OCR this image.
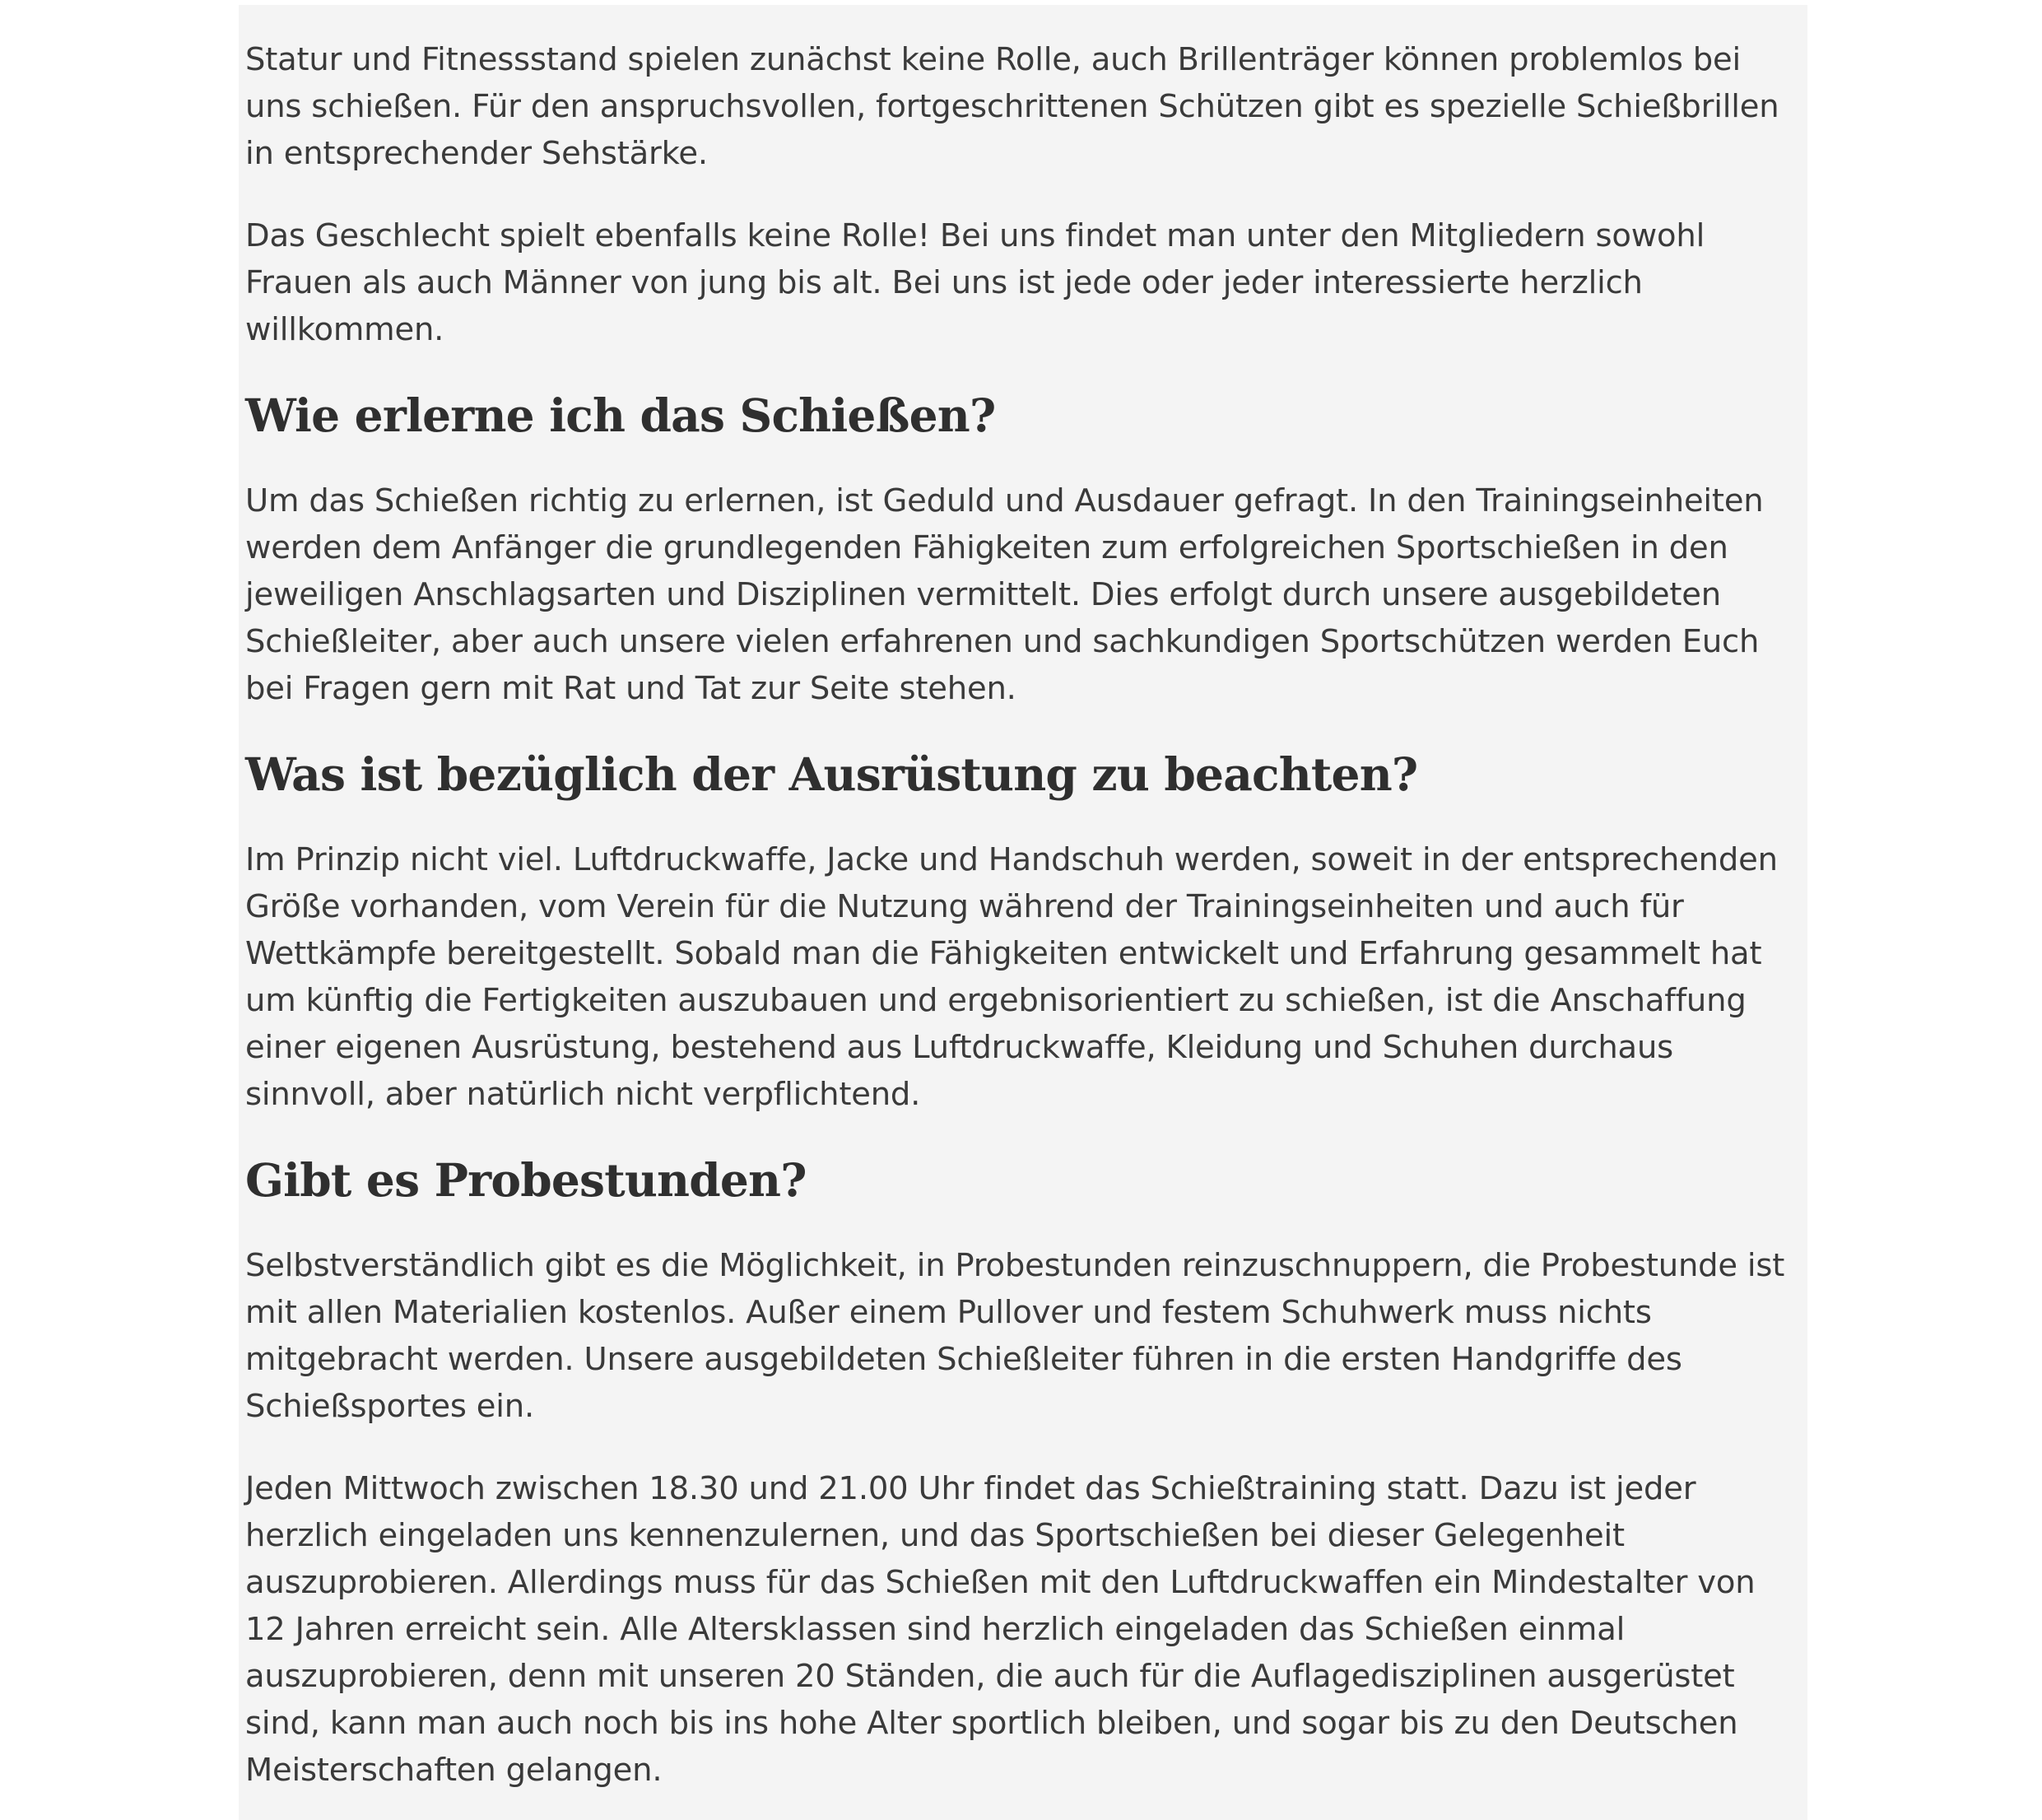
Statur und Fitnessstand spielen zunächst keine Rolle, auch Brillenträger können problemlos bei uns schießen. Für den anspruchsvollen, fortgeschrittenen Schützen gibt es spezielle Schießbrillen in entsprechender Sehstärke.

Das Geschlecht spielt ebenfalls keine Rolle! Bei uns findet man unter den Mitgliedern sowohl Frauen als auch Männer von jung bis alt. Bei uns ist jede oder jeder interessierte herzlich willkommen.

Wie erlerne ich das Schießen?

Um das Schießen richtig zu erlernen, ist Geduld und Ausdauer gefragt. In den Trainingseinheiten werden dem Anfänger die grundlegenden Fähigkeiten zum erfolgreichen Sportschießen in den jeweiligen Anschlagsarten und Disziplinen vermittelt. Dies erfolgt durch unsere ausgebildeten Schießleiter, aber auch unsere vielen erfahrenen und sachkundigen Sportschützen werden Euch bei Fragen gern mit Rat und Tat zur Seite stehen.

Was ist bezüglich der Ausrüstung zu beachten?

Im Prinzip nicht viel. Luftdruckwaffe, Jacke und Handschuh werden, soweit in der entsprechenden Größe vorhanden, vom Verein für die Nutzung während der Trainingseinheiten und auch für Wettkämpfe bereitgestellt. Sobald man die Fähigkeiten entwickelt und Erfahrung gesammelt hat um künftig die Fertigkeiten auszubauen und ergebnisorientiert zu schießen, ist die Anschaffung einer eigenen Ausrüstung, bestehend aus Luftdruckwaffe, Kleidung und Schuhen durchaus sinnvoll, aber natürlich nicht verpflichtend.

Gibt es Probestunden?

Selbstverständlich gibt es die Möglichkeit, in Probestunden reinzuschnuppern, die Probestunde ist mit allen Materialien kostenlos. Außer einem Pullover und festem Schuhwerk muss nichts mitgebracht werden. Unsere ausgebildeten Schießleiter führen in die ersten Handgriffe des Schießsportes ein.

Jeden Mittwoch zwischen 18.30 und 21.00 Uhr findet das Schießtraining statt. Dazu ist jeder herzlich eingeladen uns kennenzulernen, und das Sportschießen bei dieser Gelegenheit auszuprobieren. Allerdings muss für das Schießen mit den Luftdruckwaffen ein Mindestalter von 12 Jahren erreicht sein. Alle Altersklassen sind herzlich eingeladen das Schießen einmal auszuprobieren, denn mit unseren 20 Ständen, die auch für die Auflagedisziplinen ausgerüstet sind, kann man auch noch bis ins hohe Alter sportlich bleiben, und sogar bis zu den Deutschen Meisterschaften gelangen.
